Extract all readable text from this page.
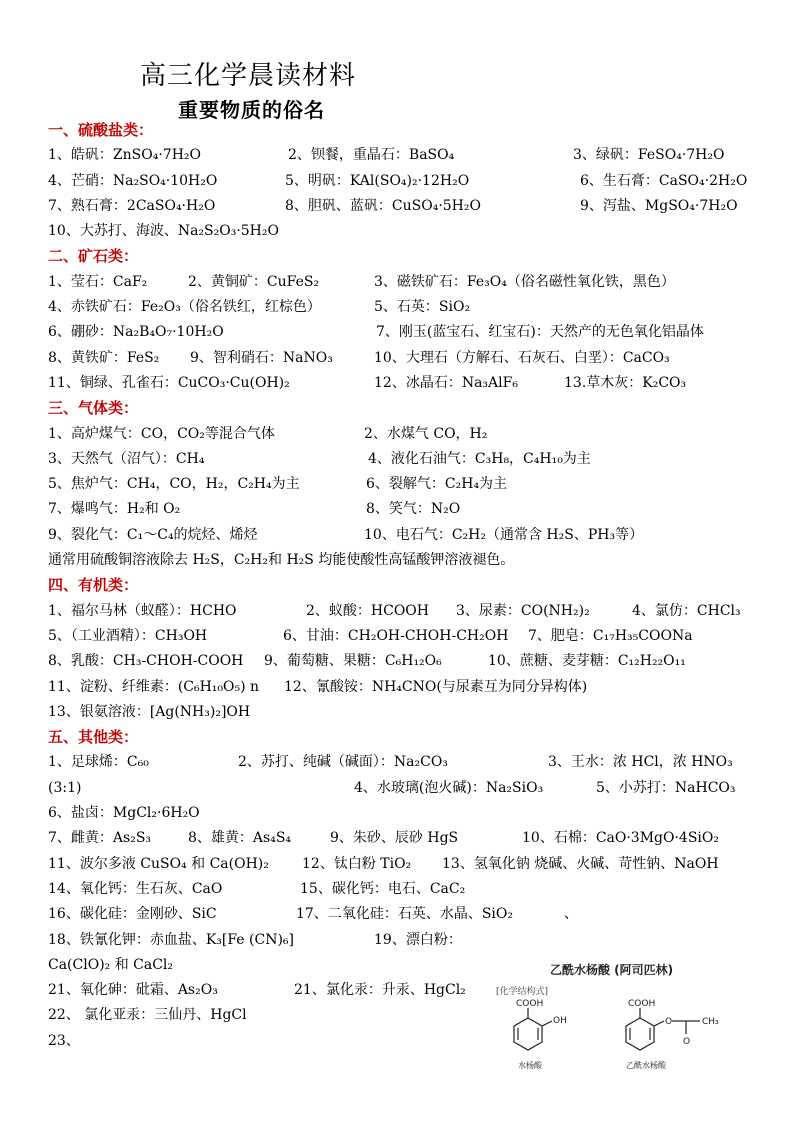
高三化学晨读材料
重要物质的俗名
一、硫酸盐类：
1、皓矾：ZnSO₄·7H₂O	2、钡餐，重晶石：BaSO₄	3、绿矾：FeSO₄·7H₂O
4、芒硝：Na₂SO₄·10H₂O	5、明矾：KAl(SO₄)₂·12H₂O	6、生石膏：CaSO₄·2H₂O
7、熟石膏：2CaSO₄·H₂O	8、胆矾、蓝矾：CuSO₄·5H₂O	9、泻盐、MgSO₄·7H₂O
10、大苏打、海波、Na₂S₂O₃·5H₂O
二、矿石类：
1、莹石：CaF₂	2、黄铜矿：CuFeS₂	3、磁铁矿石：Fe₃O₄（俗名磁性氧化铁，黑色）
4、赤铁矿石：Fe₂O₃（俗名铁红，红棕色）	5、石英：SiO₂
6、硼砂：Na₂B₄O₇·10H₂O	7、刚玉(蓝宝石、红宝石)：天然产的无色氧化铝晶体
8、黄铁矿：FeS₂ 9、智利硝石：NaNO₃	10、大理石（方解石、石灰石、白垩）：CaCO₃
11、铜绿、孔雀石：CuCO₃·Cu(OH)₂	12、冰晶石：Na₃AlF₆	13.草木灰：K₂CO₃
三、气体类：
1、高炉煤气：CO，CO₂等混合气体	2、水煤气 CO，H₂
3、天然气（沼气）：CH₄	4、液化石油气：C₃H₈，C₄H₁₀为主
5、焦炉气：CH₄，CO，H₂，C₂H₄为主	6、裂解气：C₂H₄为主
7、爆鸣气：H₂和 O₂	8、笑气：N₂O
9、裂化气：C₁～C₄的烷烃、烯烃	10、电石气：C₂H₂（通常含 H₂S、PH₃等）
通常用硫酸铜溶液除去 H₂S，C₂H₂和 H₂S 均能使酸性高锰酸钾溶液褪色。
四、有机类：
1、福尔马林（蚁醛）：HCHO	2、蚁酸：HCOOH 3、尿素：CO(NH₂)₂	4、氯仿：CHCl₃
5、（工业酒精）：CH₃OH	6、甘油：CH₂OH-CHOH-CH₂OH 7、肥皂：C₁₇H₃₅COONa
8、乳酸：CH₃-CHOH-COOH 9、葡萄糖、果糖：C₆H₁₂O₆	10、蔗糖、麦芽糖：C₁₂H₂₂O₁₁
11、淀粉、纤维素：(C₆H₁₀O₅) n 12、氰酸铵：NH₄CNO(与尿素互为同分异构体)
13、银氨溶液：[Ag(NH₃)₂]OH
五、其他类：
1、足球烯：C₆₀	2、苏打、纯碱（碱面）：Na₂CO₃	3、王水：浓 HCl，浓 HNO₃
(3:1)	4、水玻璃(泡火碱)：Na₂SiO₃	5、小苏打：NaHCO₃
6、盐卤：MgCl₂·6H₂O
7、雌黄：As₂S₃	8、雄黄：As₄S₄	9、朱砂、辰砂 HgS	10、石棉：CaO·3MgO·4SiO₂
11、波尔多液 CuSO₄ 和 Ca(OH)₂ 12、钛白粉 TiO₂ 13、氢氧化钠 烧碱、火碱、苛性钠、NaOH
14、氧化钙：生石灰、CaO	15、碳化钙：电石、CaC₂
16、碳化硅：金刚砂、SiC	17、二氧化硅：石英、水晶、SiO₂	、
18、铁氰化钾：赤血盐、K₃[Fe (CN)₆]	19、漂白粉：
Ca(ClO)₂ 和 CaCl₂
21、氧化砷：砒霜、As₂O₃	21、氯化汞：升汞、HgCl₂
22、 氯化亚汞：三仙丹、HgCl
23、
乙酰水杨酸 (阿司匹林)
[化学结构式]
COOH
OH
水杨酸
COOH
O
O
CH₃
乙酰水杨酸
